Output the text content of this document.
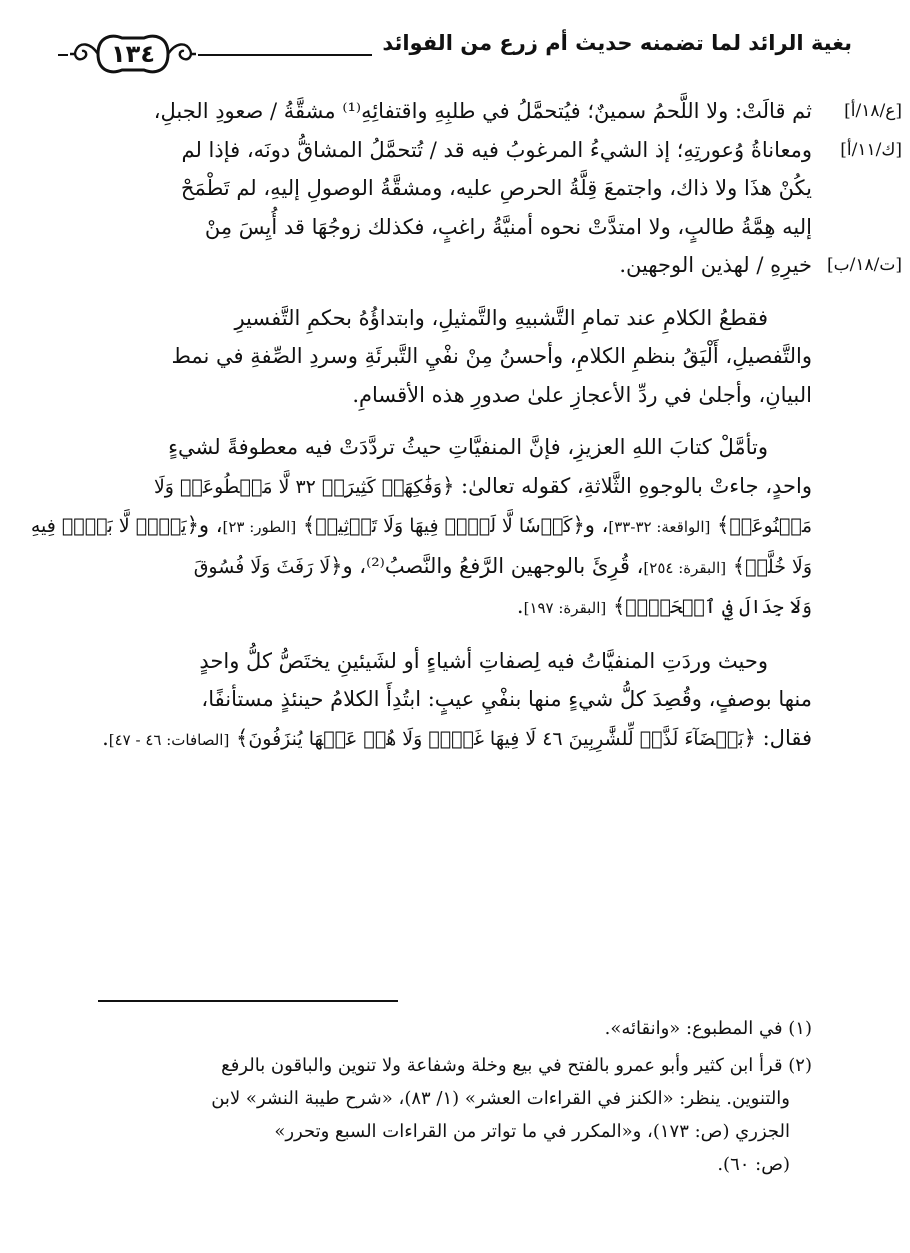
بغية الرائد لما تضمنه حديث أم زرع من الفوائد
١٣٤

[ع/١٨/أ]
ثم قالَتْ: ولا اللَّحمُ سمينٌ؛ فيُتحمَّلُ في طلبِهِ واقتفائِهِ⁽¹⁾ مشقَّةُ / صعودِ الجبلِ،
[ك/١١/أ]
ومعاناةُ وُعورتِهِ؛ إذ الشيءُ المرغوبُ فيه قد / تُتحمَّلُ المشاقُّ دونَه، فإذا لم
يكُنْ هذَا ولا ذاك، واجتمعَ قِلَّةُ الحرصِ عليه، ومشقَّةُ الوصولِ إليهِ، لم تَطْمَحْ
إليه هِمَّةُ طالبٍ، ولا امتدَّتْ نحوه أمنيَّةُ راغبٍ، فكذلك زوجُهَا قد أُيِسَ مِنْ
[ت/١٨/ب]
خيرِهِ / لهذين الوجهين.

فقطعُ الكلامِ عند تمامِ التَّشبيهِ والتَّمثيلِ، وابتداؤُهُ بحكمِ التَّفسيرِ
والتَّفصيلِ، أَلْيَقُ بنظمِ الكلامِ، وأحسنُ مِنْ نفْيِ التَّبرئَةِ وسردِ الصِّفةِ في نمط
البيانِ، وأجلىٰ في ردِّ الأعجازِ علىٰ صدورِ هذه الأقسامِ.

وتأمَّلْ كتابَ اللهِ العزيزِ، فإنَّ المنفيَّاتِ حيثُ تردَّدَتْ فيه معطوفةً لشيءٍ
واحدٍ، جاءتْ بالوجوهِ الثَّلاثةِ، كقوله تعالىٰ: ﴿وَفَٰكِهَةٖ كَثِيرَةٖ ٣٢ لَّا مَقۡطُوعَةٖ وَلَا
مَمۡنُوعَةٖ﴾ [الواقعة: ٣٢-٣٣]، و﴿كَأۡسٗا لَّا لَغۡوٞ فِيهَا وَلَا تَأۡثِيمٞ﴾ [الطور: ٢٣]، و﴿يَوۡمٞ لَّا بَيۡعٞ فِيهِ
وَلَا خُلَّةٞ﴾ [البقرة: ٢٥٤]، قُرِئَ بالوجهين الرَّفعُ والنَّصبُ⁽²⁾، و﴿لَا رَفَثَ وَلَا فُسُوقَ
وَلَا جِدَالَ فِي ٱلۡحَجِّۗ﴾ [البقرة: ١٩٧].

وحيث وردَتِ المنفيَّاتُ فيه لِصفاتِ أشياءٍ أو لشَيئينِ يختَصُّ كلُّ واحدٍ
منها بوصفٍ، وقُصِدَ كلُّ شيءٍ منها بنفْيِ عيبٍ: ابتُدِأَ الكلامُ حينئذٍ مستأنفًا،
فقال: ﴿بَيۡضَآءَ لَذَّةٖ لِّلشَّٰرِبِينَ ٤٦ لَا فِيهَا غَوۡلٞ وَلَا هُمۡ عَنۡهَا يُنزَفُونَ﴾ [الصافات: ٤٦ - ٤٧].

(١) في المطبوع: «وانقائه».

(٢) قرأ ابن كثير وأبو عمرو بالفتح في بيع وخلة وشفاعة ولا تنوين والباقون بالرفع
والتنوين. ينظر: «الكنز في القراءات العشر» (١/ ٨٣)، «شرح طيبة النشر» لابن
الجزري (ص: ١٧٣)، و«المكرر في ما تواتر من القراءات السبع وتحرر»
(ص: ٦٠).
